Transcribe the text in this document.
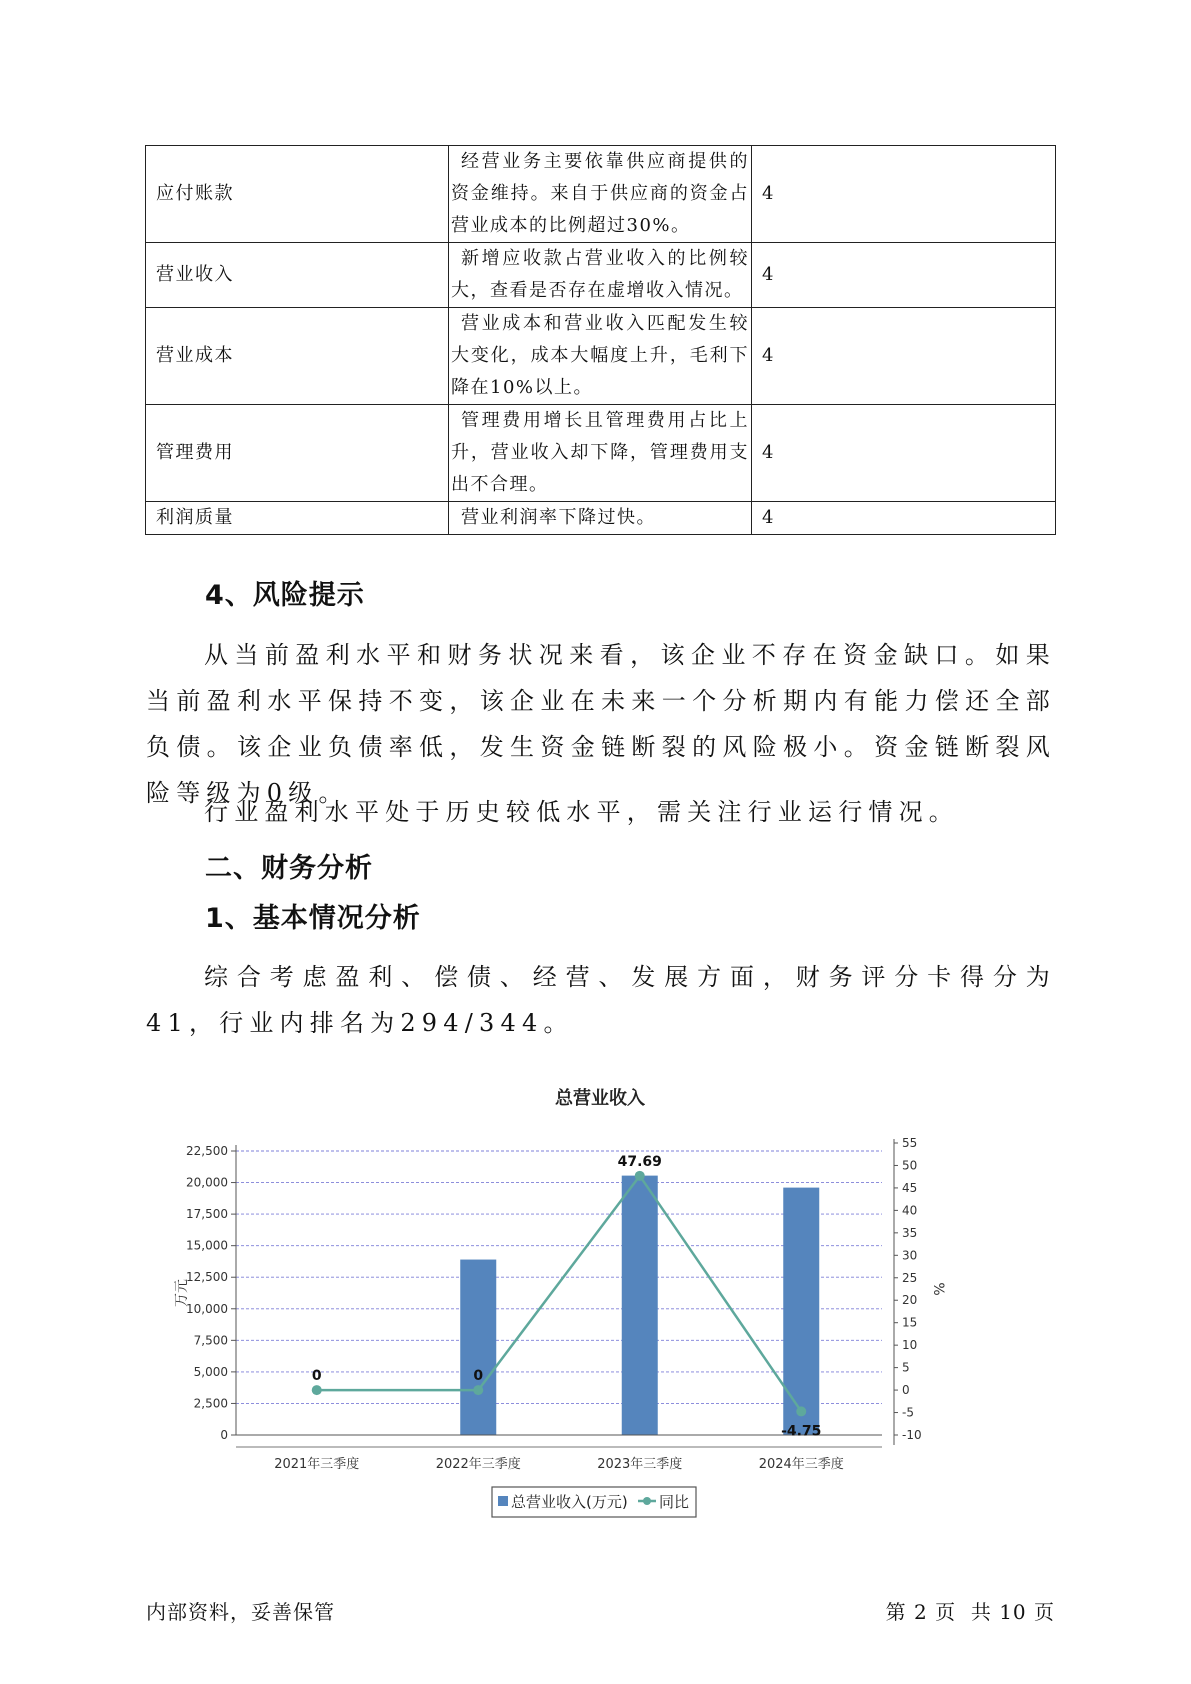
应付账款	经营业务主要依靠供应商提供的资金维持。来自于供应商的资金占营业成本的比例超过30%。	4
营业收入	新增应收款占营业收入的比例较大，查看是否存在虚增收入情况。	4
营业成本	营业成本和营业收入匹配发生较大变化，成本大幅度上升，毛利下降在10%以上。	4
管理费用	管理费用增长且管理费用占比上升，营业收入却下降，管理费用支出不合理。	4
利润质量	营业利润率下降过快。	4
4、风险提示

从当前盈利水平和财务状况来看，该企业不存在资金缺口。如果当前盈利水平保持不变，该企业在未来一个分析期内有能力偿还全部负债。该企业负债率低，发生资金链断裂的风险极小。资金链断裂风险等级为0级。

行业盈利水平处于历史较低水平，需关注行业运行情况。

二、财务分析
1、基本情况分析

综合考虑盈利、偿债、经营、发展方面，财务评分卡得分为41，行业内排名为294/344。

总营业收入
0
2,500
5,000
7,500
10,000
12,500
15,000
17,500
20,000
22,500
-10
-5
0
5
10
15
20
25
30
35
40
45
50
55
2021年三季度	2022年三季度	2023年三季度	2024年三季度
0	0
47.69
-4.75
万元	%
总营业收入(万元) 同比
内部资料，妥善保管	第 2 页  共 10 页
